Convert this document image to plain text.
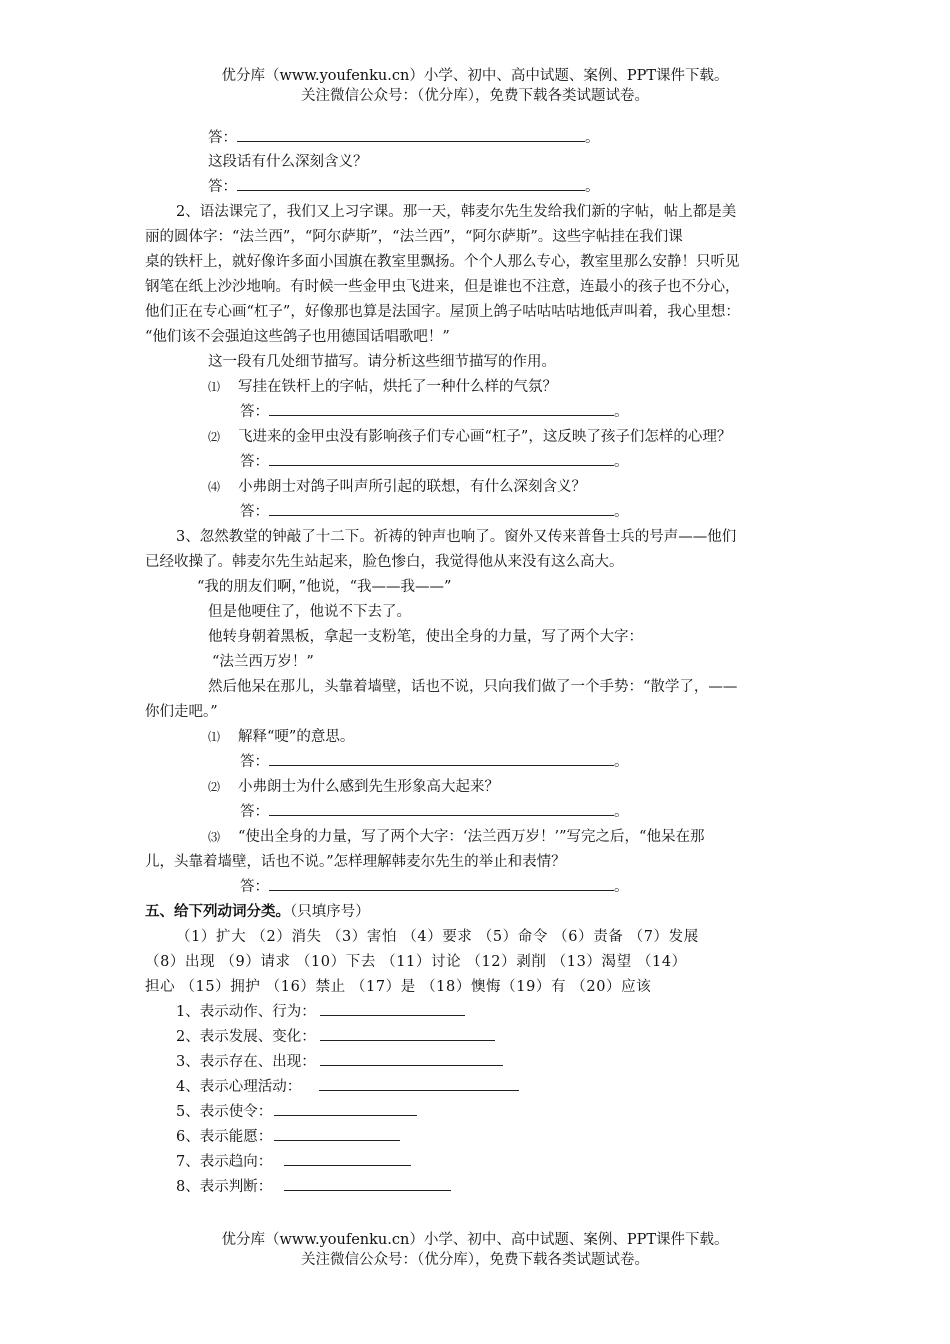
优分库（www.youfenku.cn）小学、初中、高中试题、案例、PPT课件下载。
关注微信公众号：（优分库），免费下载各类试题试卷。
答：	。
这段话有什么深刻含义？
答：	。
2、语法课完了，我们又上习字课。那一天，韩麦尔先生发给我们新的字帖，帖上都是美
丽的圆体字：“法兰西”，“阿尔萨斯”，“法兰西”，“阿尔萨斯”。这些字帖挂在我们课
桌的铁杆上，就好像许多面小国旗在教室里飘扬。个个人那么专心，教室里那么安静！只听见
钢笔在纸上沙沙地响。有时候一些金甲虫飞进来，但是谁也不注意，连最小的孩子也不分心，
他们正在专心画“杠子”，好像那也算是法国字。屋顶上鸽子咕咕咕咕地低声叫着，我心里想：
“他们该不会强迫这些鸽子也用德国话唱歌吧！”
这一段有几处细节描写。请分析这些细节描写的作用。
⑴ 写挂在铁杆上的字帖，烘托了一种什么样的气氛？
答：	。
⑵ 飞进来的金甲虫没有影响孩子们专心画“杠子”，这反映了孩子们怎样的心理？
答：	。
⑷ 小弗朗士对鸽子叫声所引起的联想，有什么深刻含义？
答：	。
3、忽然教堂的钟敲了十二下。祈祷的钟声也响了。窗外又传来普鲁士兵的号声——他们
已经收操了。韩麦尔先生站起来，脸色惨白，我觉得他从来没有这么高大。
“我的朋友们啊，”他说，“我——我——”
但是他哽住了，他说不下去了。
他转身朝着黑板，拿起一支粉笔，使出全身的力量，写了两个大字：
“法兰西万岁！”
然后他呆在那儿，头靠着墙壁，话也不说，只向我们做了一个手势：“散学了，——
你们走吧。”
⑴ 解释“哽”的意思。
答：	。
⑵ 小弗朗士为什么感到先生形象高大起来？
答：	。
⑶ “使出全身的力量，写了两个大字：‘法兰西万岁！’”写完之后，“他呆在那
儿，头靠着墙壁，话也不说。”怎样理解韩麦尔先生的举止和表情？
答：	。
五、给下列动词分类。（只填序号）
（1）扩大 （2）消失 （3）害怕 （4）要求 （5）命令 （6）责备 （7）发展
（8）出现 （9）请求 （10）下去 （11）讨论 （12）剥削 （13）渴望 （14）
担心 （15）拥护 （16）禁止 （17）是 （18）懊悔（19）有 （20）应该
1、表示动作、行为：
2、表示发展、变化：
3、表示存在、出现：
4、表示心理活动：
5、表示使令：
6、表示能愿：
7、表示趋向：
8、表示判断：
优分库（www.youfenku.cn）小学、初中、高中试题、案例、PPT课件下载。
关注微信公众号：（优分库），免费下载各类试题试卷。
